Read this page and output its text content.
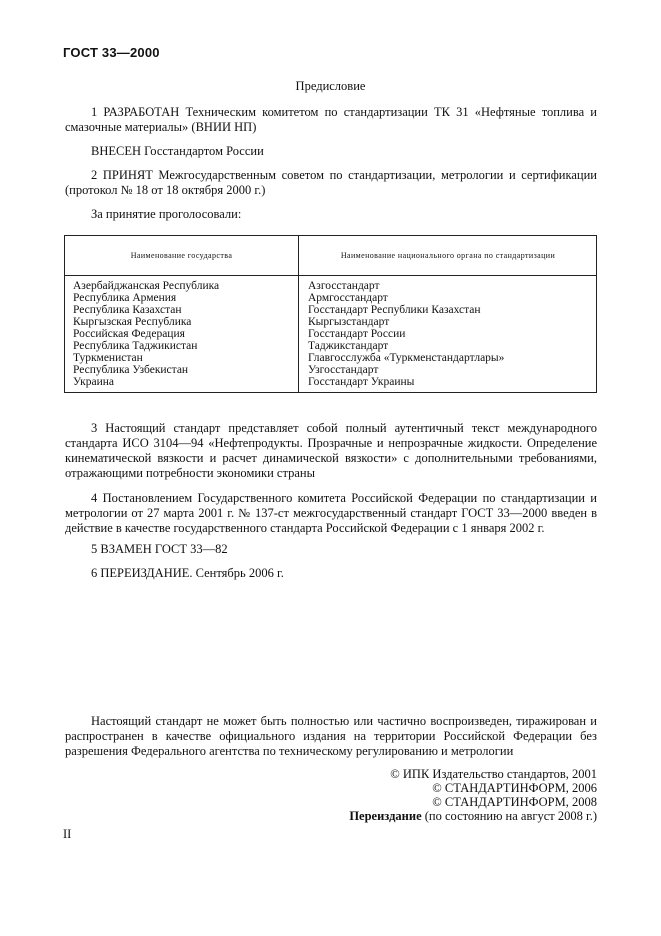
ГОСТ 33—2000
Предисловие

1 РАЗРАБОТАН Техническим комитетом по стандартизации ТК 31 «Нефтяные топлива и смазочные материалы» (ВНИИ НП)

ВНЕСЕН Госстандартом России

2 ПРИНЯТ Межгосударственным советом по стандартизации, метрологии и сертификации (протокол № 18 от 18 октября 2000 г.)

За принятие проголосовали:

Наименование государства	Наименование национального органа по стандартизации
Азербайджанская Республика
Республика Армения
Республика Казахстан
Кыргызская Республика
Российская Федерация
Республика Таджикистан
Туркменистан
Республика Узбекистан
Украина
Азгосстандарт
Армгосстандарт
Госстандарт Республики Казахстан
Кыргызстандарт
Госстандарт России
Таджикстандарт
Главгосслужба «Туркменстандартлары»
Узгосстандарт
Госстандарт Украины

3 Настоящий стандарт представляет собой полный аутентичный текст международного стандарта ИСО 3104—94 «Нефтепродукты. Прозрачные и непрозрачные жидкости. Определение кинематической вязкости и расчет динамической вязкости» с дополнительными требованиями, отражающими потребности экономики страны

4 Постановлением Государственного комитета Российской Федерации по стандартизации и метрологии от 27 марта 2001 г. № 137-ст межгосударственный стандарт ГОСТ 33—2000 введен в действие в качестве государственного стандарта Российской Федерации с 1 января 2002 г.

5 ВЗАМЕН ГОСТ 33—82

6 ПЕРЕИЗДАНИЕ. Сентябрь 2006 г.

Настоящий стандарт не может быть полностью или частично воспроизведен, тиражирован и распространен в качестве официального издания на территории Российской Федерации без разрешения Федерального агентства по техническому регулированию и метрологии

© ИПК Издательство стандартов, 2001
© СТАНДАРТИНФОРМ, 2006
© СТАНДАРТИНФОРМ, 2008
Переиздание (по состоянию на август 2008 г.)
II
